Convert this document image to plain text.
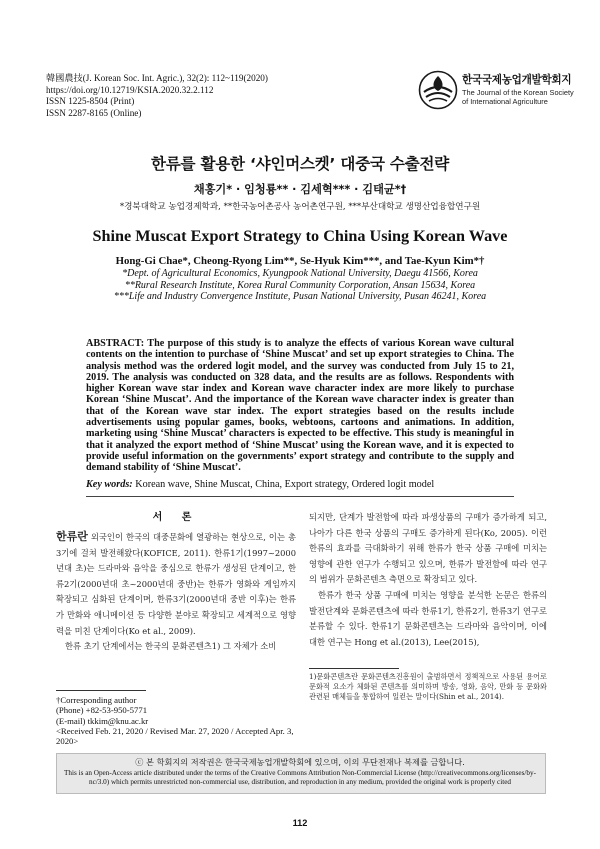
韓國農技(J. Korean Soc. Int. Agric.), 32(2): 112~119(2020)
https://doi.org/10.12719/KSIA.2020.32.2.112
ISSN 1225-8504 (Print)
ISSN 2287-8165 (Online)
한국국제농업개발학회지
The Journal of the Korean Society
of International Agriculture
한류를 활용한 ‘샤인머스켓’ 대중국 수출전략
채홍기* · 임청룡** · 김세혁*** · 김태균*†
*경북대학교 농업경제학과, **한국농어촌공사 농어촌연구원, ***부산대학교 생명산업융합연구원
Shine Muscat Export Strategy to China Using Korean Wave
Hong-Gi Chae*, Cheong-Ryong Lim**, Se-Hyuk Kim***, and Tae-Kyun Kim*†
*Dept. of Agricultural Economics, Kyungpook National University, Daegu 41566, Korea
**Rural Research Institute, Korea Rural Community Corporation, Ansan 15634, Korea
***Life and Industry Convergence Institute, Pusan National University, Pusan 46241, Korea
ABSTRACT: The purpose of this study is to analyze the effects of various Korean wave cultural contents on the intention to purchase of ‘Shine Muscat’ and set up export strategies to China. The analysis method was the ordered logit model, and the survey was conducted from July 15 to 21, 2019. The analysis was conducted on 328 data, and the results are as follows. Respondents with higher Korean wave star index and Korean wave character index are more likely to purchase Korean ‘Shine Muscat’. And the importance of the Korean wave character index is greater than that of the Korean wave star index. The export strategies based on the results include advertisements using popular games, books, webtoons, cartoons and animations. In addition, marketing using ‘Shine Muscat’ characters is expected to be effective. This study is meaningful in that it analyzed the export method of ‘Shine Muscat’ using the Korean wave, and it is expected to provide useful information on the governments’ export strategy and contribute to the supply and demand stability of ‘Shine Muscat’.
Key words: Korean wave, Shine Muscat, China, Export strategy, Ordered logit model
서 론

한류란 외국인이 한국의 대중문화에 열광하는 현상으로, 이는 총 3기에 걸쳐 발전해왔다(KOFICE, 2011). 한류1기(1997~2000년대 초)는 드라마와 음악을 중심으로 한류가 생성된 단계이고, 한류2기(2000년대 초~2000년대 중반)는 한류가 영화와 게임까지 확장되고 심화된 단계이며, 한류3기(2000년대 중반 이후)는 한류가 만화와 애니메이션 등 다양한 분야로 확장되고 세계적으로 영향력을 미친 단계이다(Ko et al., 2009).

한류 초기 단계에서는 한국의 문화콘텐츠1) 그 자체가 소비

되지만, 단계가 발전함에 따라 파생상품의 구매가 증가하게 되고, 나아가 다른 한국 상품의 구매도 증가하게 된다(Ko, 2005). 이런 한류의 효과를 극대화하기 위해 한류가 한국 상품 구매에 미치는 영향에 관한 연구가 수행되고 있으며, 한류가 발전함에 따라 연구의 범위가 문화콘텐츠 측면으로 확장되고 있다.

한류가 한국 상품 구매에 미치는 영향을 분석한 논문은 한류의 발전단계와 문화콘텐츠에 따라 한류1기, 한류2기, 한류3기 연구로 분류할 수 있다. 한류1기 문화콘텐츠는 드라마와 음악이며, 이에 대한 연구는 Hong et al.(2013), Lee(2015),

†Corresponding author
(Phone) +82-53-950-5771
(E-mail) tkkim@knu.ac.kr
<Received Feb. 21, 2020 / Revised Mar. 27, 2020 / Accepted Apr. 3, 2020>
1)문화콘텐츠란 문화콘텐츠진흥원이 출범하면서 정책적으로 사용된 용어로 문화적 요소가 체화된 콘텐츠를 의미하며 방송, 영화, 음악, 만화 등 문화와 관련된 매체들을 통합하여 일컫는 말이다(Shin et al., 2014).
ⓒ 본 학회지의 저작권은 한국국제농업개발학회에 있으며, 이의 무단전재나 복제를 금합니다.
This is an Open-Access article distributed under the terms of the Creative Commons Attribution Non-Commercial License (http://creativecommons.org/licenses/by-nc/3.0) which permits unrestricted non-commercial use, distribution, and reproduction in any medium, provided the original work is properly cited
112
